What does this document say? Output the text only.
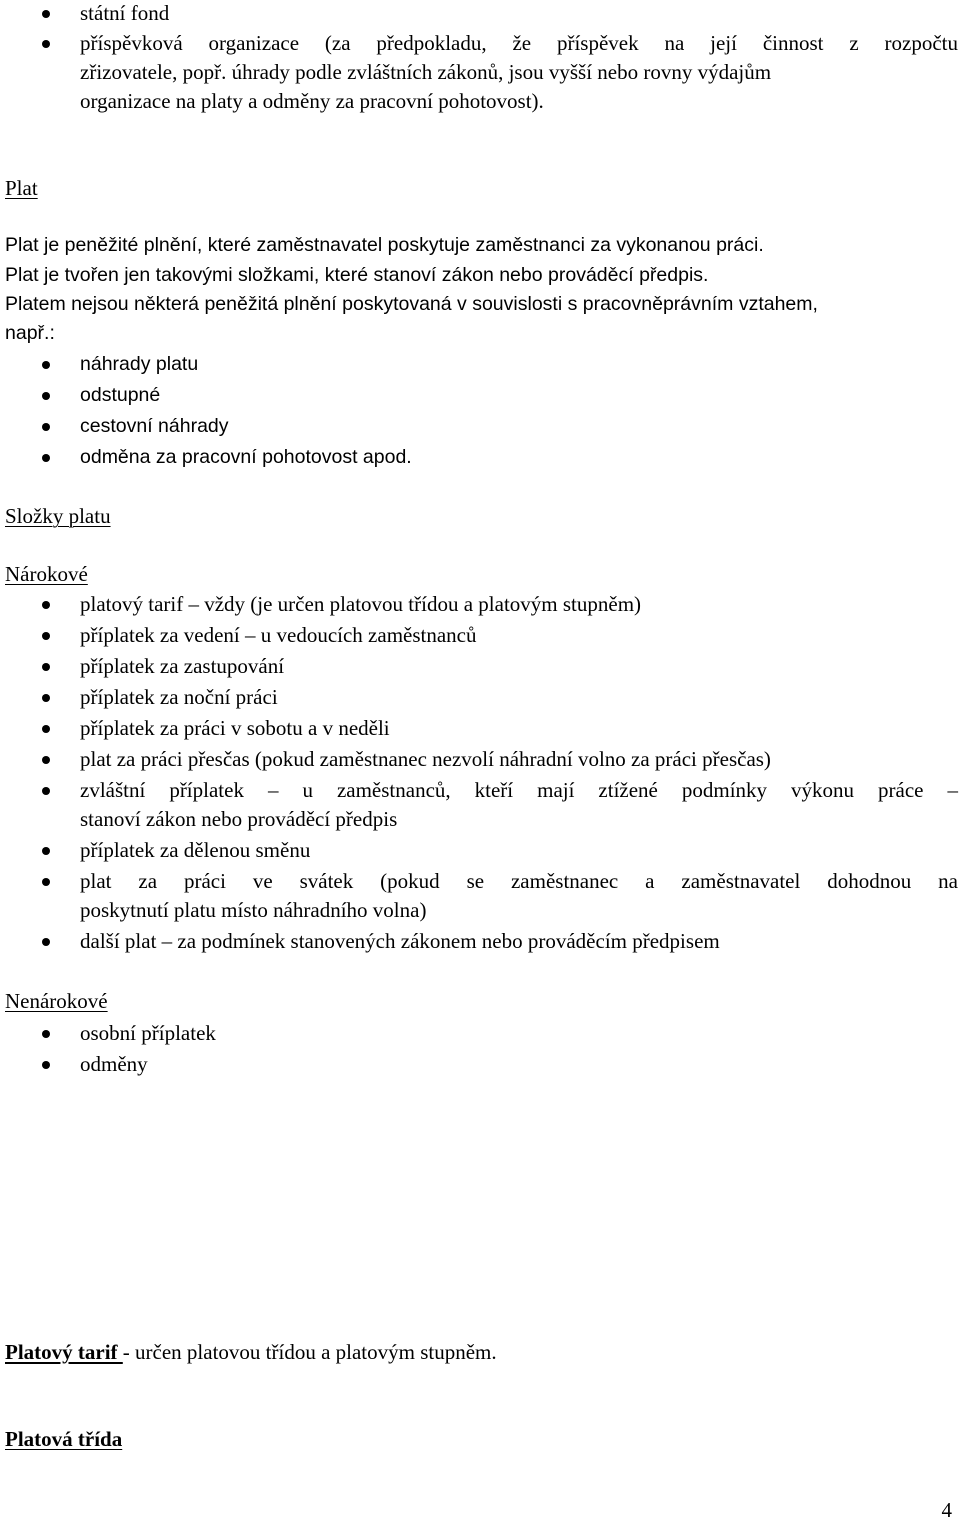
státní fond
příspěvková organizace (za předpokladu, že příspěvek na její činnost z rozpočtu
zřizovatele, popř. úhrady podle zvláštních zákonů, jsou vyšší nebo rovny výdajům
organizace na platy a odměny za pracovní pohotovost).
Plat
Plat je peněžité plnění, které zaměstnavatel poskytuje zaměstnanci za vykonanou práci.
Plat je tvořen jen takovými složkami, které stanoví zákon nebo prováděcí předpis.
Platem nejsou některá peněžitá plnění poskytovaná v souvislosti s pracovněprávním vztahem,
např.:
náhrady platu
odstupné
cestovní náhrady
odměna za pracovní pohotovost apod.
Složky platu
Nárokové
platový tarif – vždy (je určen platovou třídou a platovým stupněm)
příplatek za vedení – u vedoucích zaměstnanců
příplatek za zastupování
příplatek za noční práci
příplatek za práci v sobotu a v neděli
plat za práci přesčas (pokud zaměstnanec nezvolí náhradní volno za práci přesčas)
zvláštní příplatek – u zaměstnanců, kteří mají ztížené podmínky výkonu práce –
stanoví zákon nebo prováděcí předpis
příplatek za dělenou směnu
plat za práci ve svátek (pokud se zaměstnanec a zaměstnavatel dohodnou na
poskytnutí platu místo náhradního volna)
další plat – za podmínek stanovených zákonem nebo prováděcím předpisem
Nenárokové
osobní příplatek
odměny
Platový tarif - určen platovou třídou a platovým stupněm.
Platová třída
4
